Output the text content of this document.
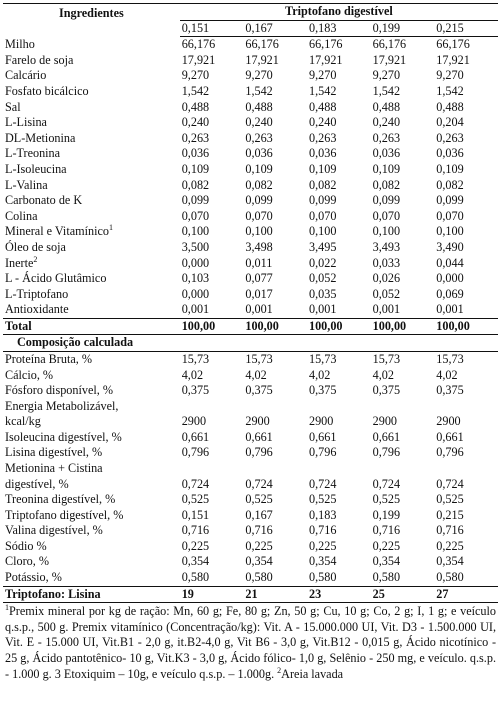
Ingredientes	Triptofano digestível				
	0,151	0,167	0,183	0,199	0,215
Milho	66,176	66,176	66,176	66,176	66,176
Farelo de soja	17,921	17,921	17,921	17,921	17,921
Calcário	9,270	9,270	9,270	9,270	9,270
Fosfato bicálcico	1,542	1,542	1,542	1,542	1,542
Sal	0,488	0,488	0,488	0,488	0,488
L-Lisina	0,240	0,240	0,240	0,240	0,204
DL-Metionina	0,263	0,263	0,263	0,263	0,263
L-Treonina	0,036	0,036	0,036	0,036	0,036
L-Isoleucina	0,109	0,109	0,109	0,109	0,109
L-Valina	0,082	0,082	0,082	0,082	0,082
Carbonato de K	0,099	0,099	0,099	0,099	0,099
Colina	0,070	0,070	0,070	0,070	0,070
Mineral e Vitamínico$^1$	0,100	0,100	0,100	0,100	0,100
Óleo de soja	3,500	3,498	3,495	3,493	3,490
Inerte$^2$	0,000	0,011	0,022	0,033	0,044
L - Ácido Glutâmico	0,103	0,077	0,052	0,026	0,000
L-Triptofano	0,000	0,017	0,035	0,052	0,069
Antioxidante	0,001	0,001	0,001	0,001	0,001
Total	100,00	100,00	100,00	100,00	100,00
Composição calculada					
Proteína Bruta, %	15,73	15,73	15,73	15,73	15,73
Cálcio, %	4,02	4,02	4,02	4,02	4,02
Fósforo disponível, %	0,375	0,375	0,375	0,375	0,375

Energia Metabolizável,
kcal/kg	2900	2900	2900	2900	2900
Isoleucina digestível, %	0,661	0,661	0,661	0,661	0,661
Lisina digestível, %	0,796	0,796	0,796	0,796	0,796

Metionina + Cistina
digestível, %	0,724	0,724	0,724	0,724	0,724
Treonina digestível, %	0,525	0,525	0,525	0,525	0,525
Triptofano digestível, %	0,151	0,167	0,183	0,199	0,215
Valina digestível, %	0,716	0,716	0,716	0,716	0,716
Sódio %	0,225	0,225	0,225	0,225	0,225
Cloro, %	0,354	0,354	0,354	0,354	0,354
Potássio, %	0,580	0,580	0,580	0,580	0,580
Triptofano: Lisina	19	21	23	25	27
$^1$Premix mineral por kg de ração: Mn, 60 g; Fe, 80 g; Zn, 50 g; Cu, 10 g; Co, 2 g; I, 1 g; e veículo q.s.p., 500 g. Premix vitamínico (Concentração/kg): Vit. A - 15.000.000 UI, Vit. D3 - 1.500.000 UI, Vit. E - 15.000 UI, Vit.B1 - 2,0 g, it.B2-4,0 g, Vit B6 - 3,0 g, Vit.B12 - 0,015 g, Ácido nicotínico - 25 g, Ácido pantotênico- 10 g, Vit.K3 - 3,0 g, Ácido fólico- 1,0 g, Selênio - 250 mg, e veículo. q.s.p. - 1.000 g. 3 Etoxiquim – 10g, e veículo q.s.p. – 1.000g. $^2$Areia lavada
